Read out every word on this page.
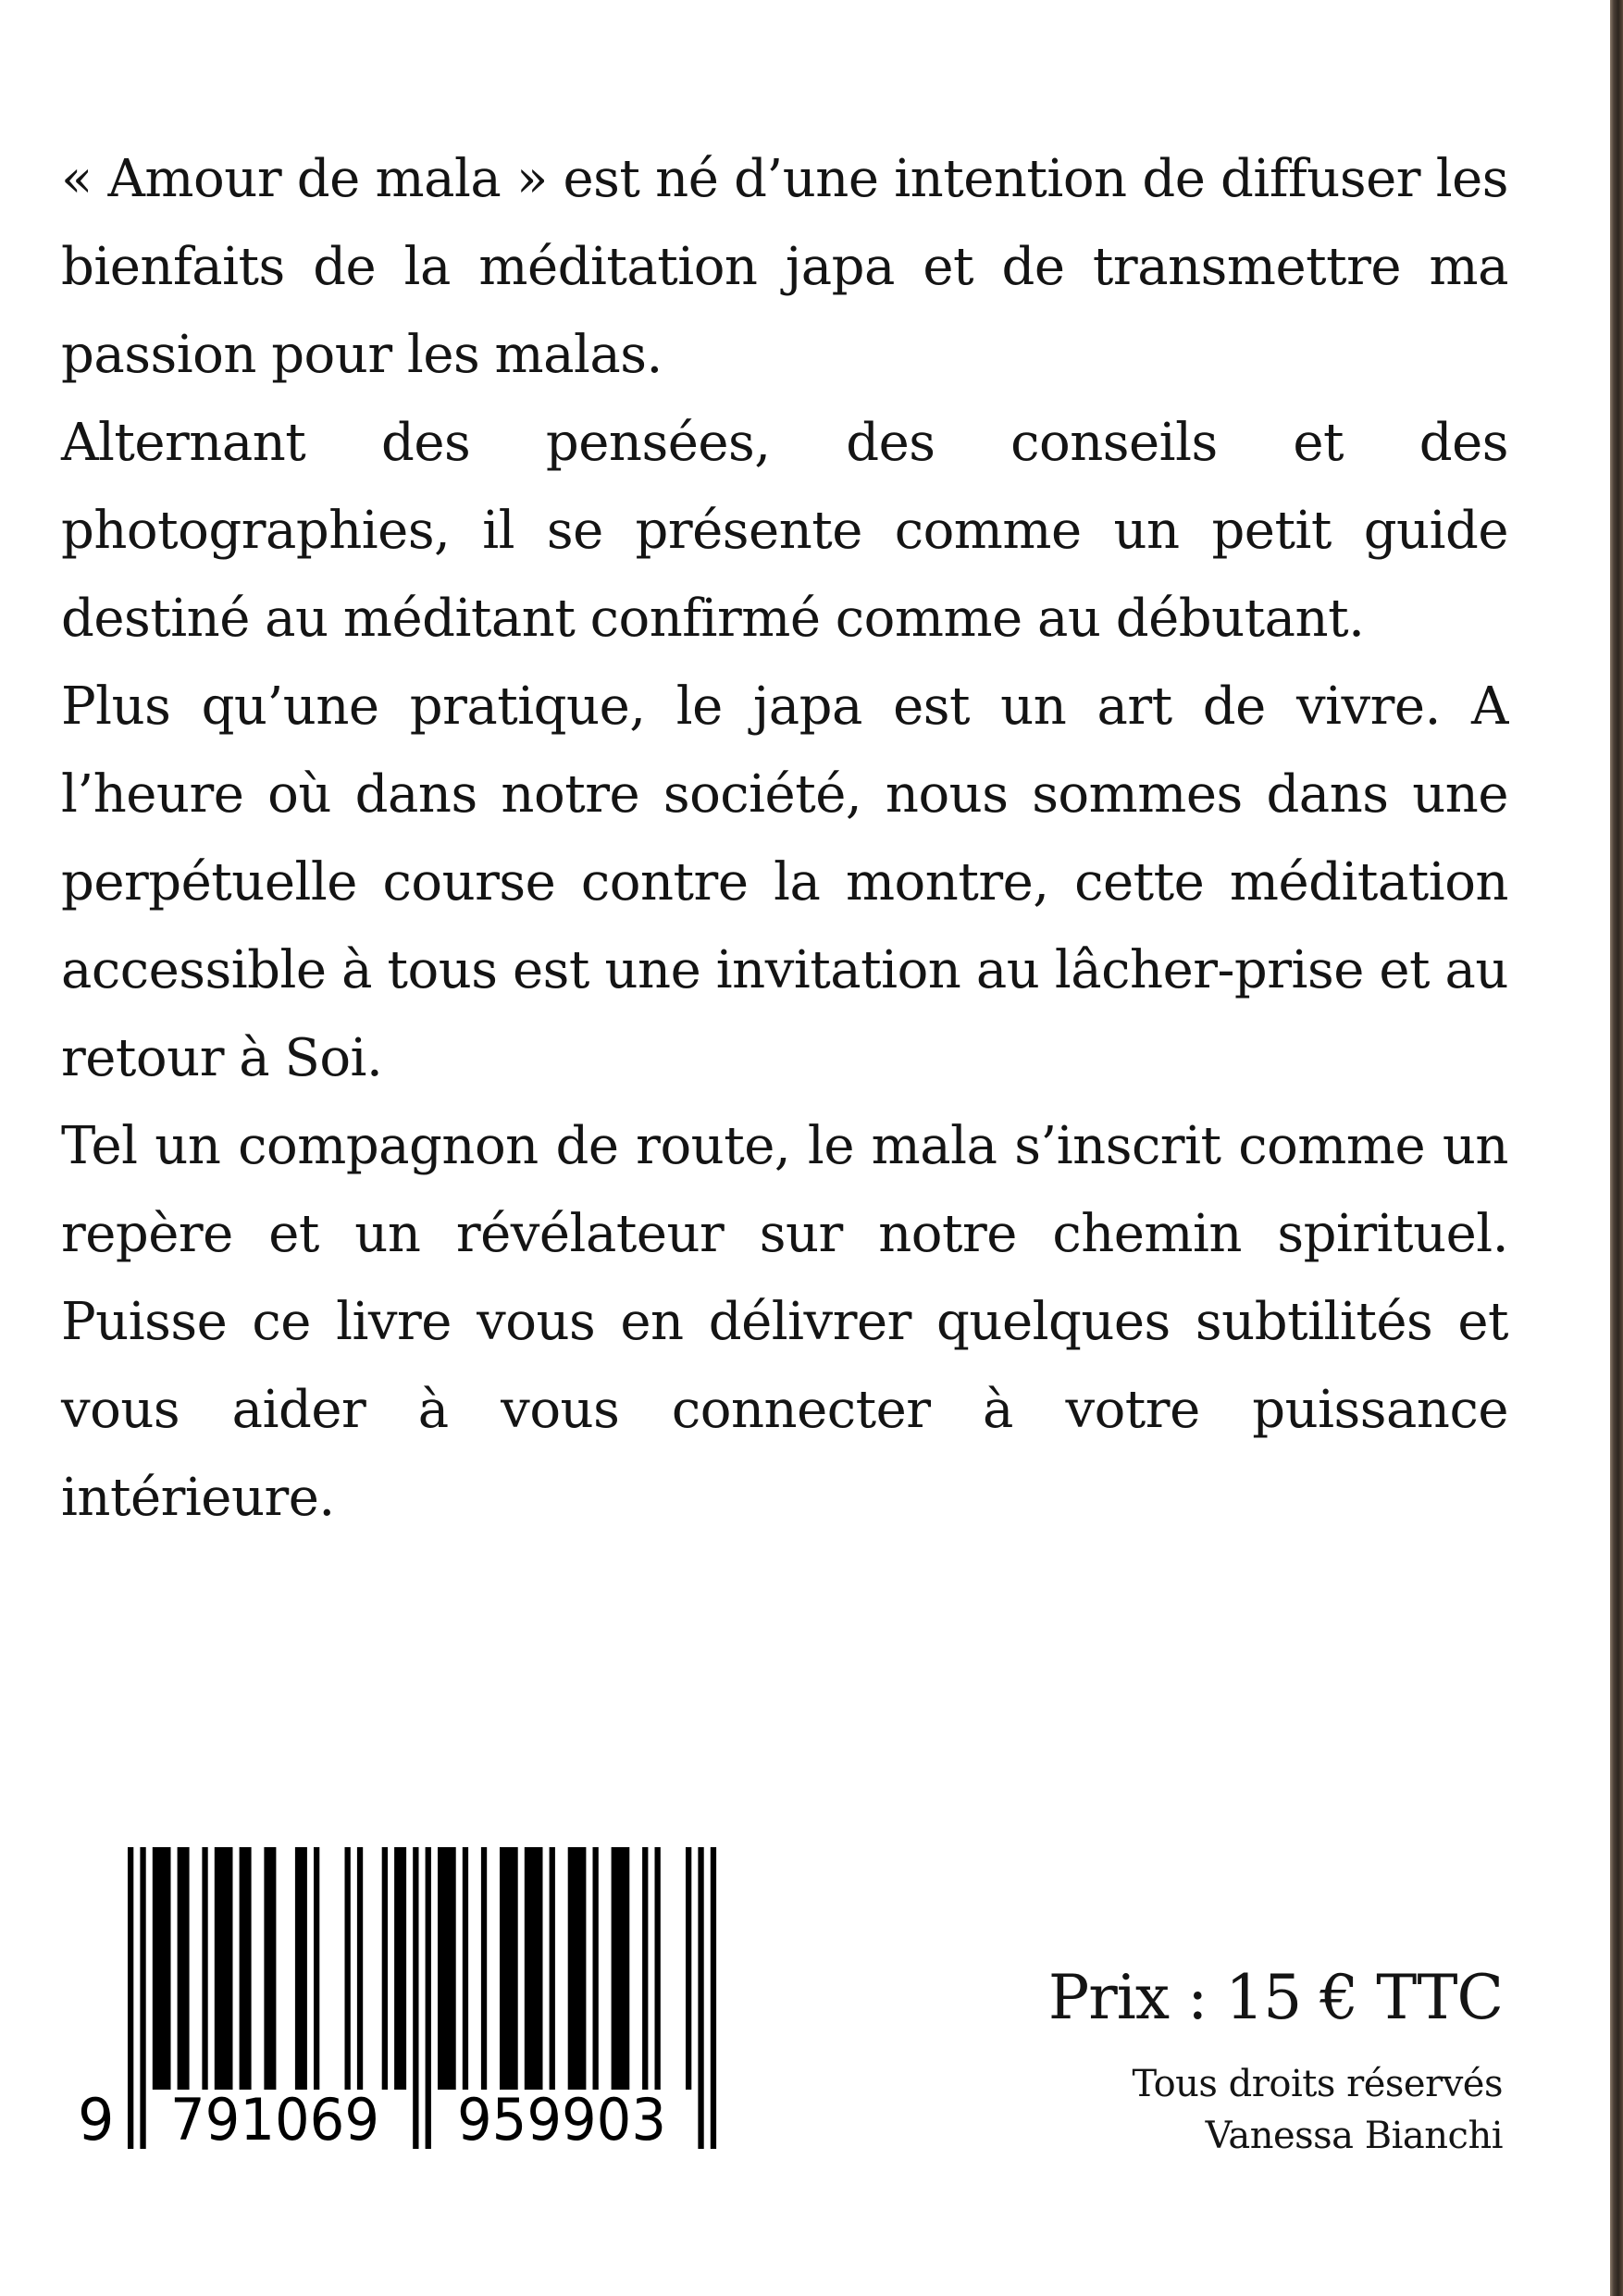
« Amour de mala » est né d’une intention de diffuser les bienfaits de la méditation japa et de transmettre ma passion pour les malas.

Alternant des pensées, des conseils et des photographies, il se présente comme un petit guide destiné au méditant confirmé comme au débutant.

Plus qu’une pratique, le japa est un art de vivre. A l’heure où dans notre société, nous sommes dans une perpétuelle course contre la montre, cette méditation accessible à tous est une invitation au lâcher-prise et au retour à Soi.

Tel un compagnon de route, le mala s’inscrit comme un repère et un révélateur sur notre chemin spirituel. Puisse ce livre vous en délivrer quelques subtilités et vous aider à vous connecter à votre puissance intérieure.

9 791069 959903
Prix : 15 € TTC
Tous droits réservés
Vanessa Bianchi
